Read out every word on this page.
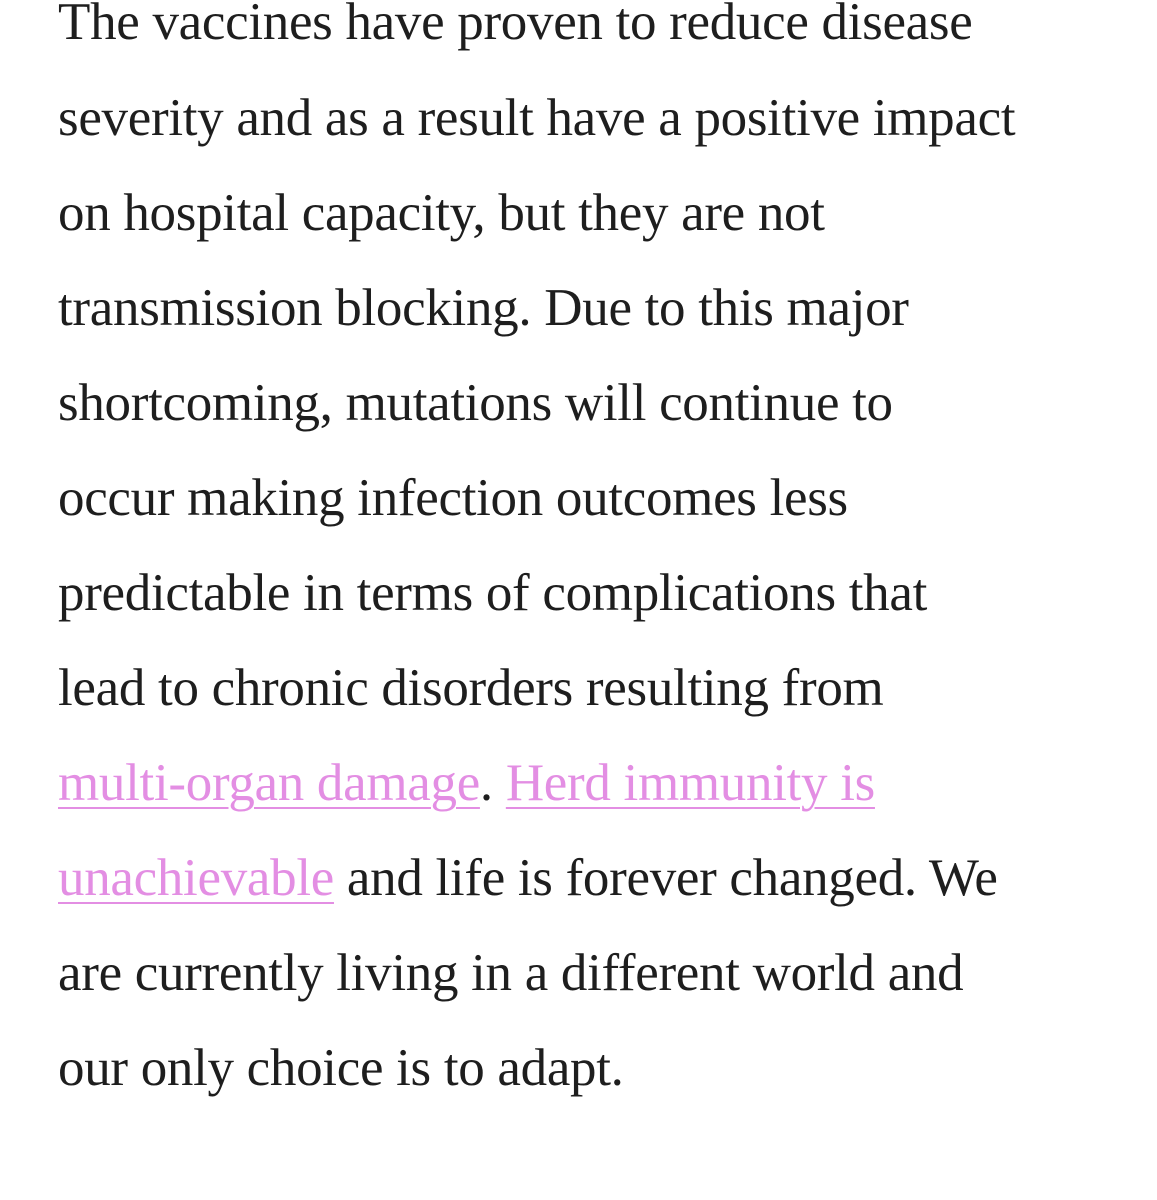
The vaccines have proven to reduce disease

severity and as a result have a positive impact

on hospital capacity, but they are not

transmission blocking. Due to this major

shortcoming, mutations will continue to

occur making infection outcomes less

predictable in terms of complications that

lead to chronic disorders resulting from

multi-organ damage. Herd immunity is

unachievable and life is forever changed. We

are currently living in a different world and

our only choice is to adapt.
